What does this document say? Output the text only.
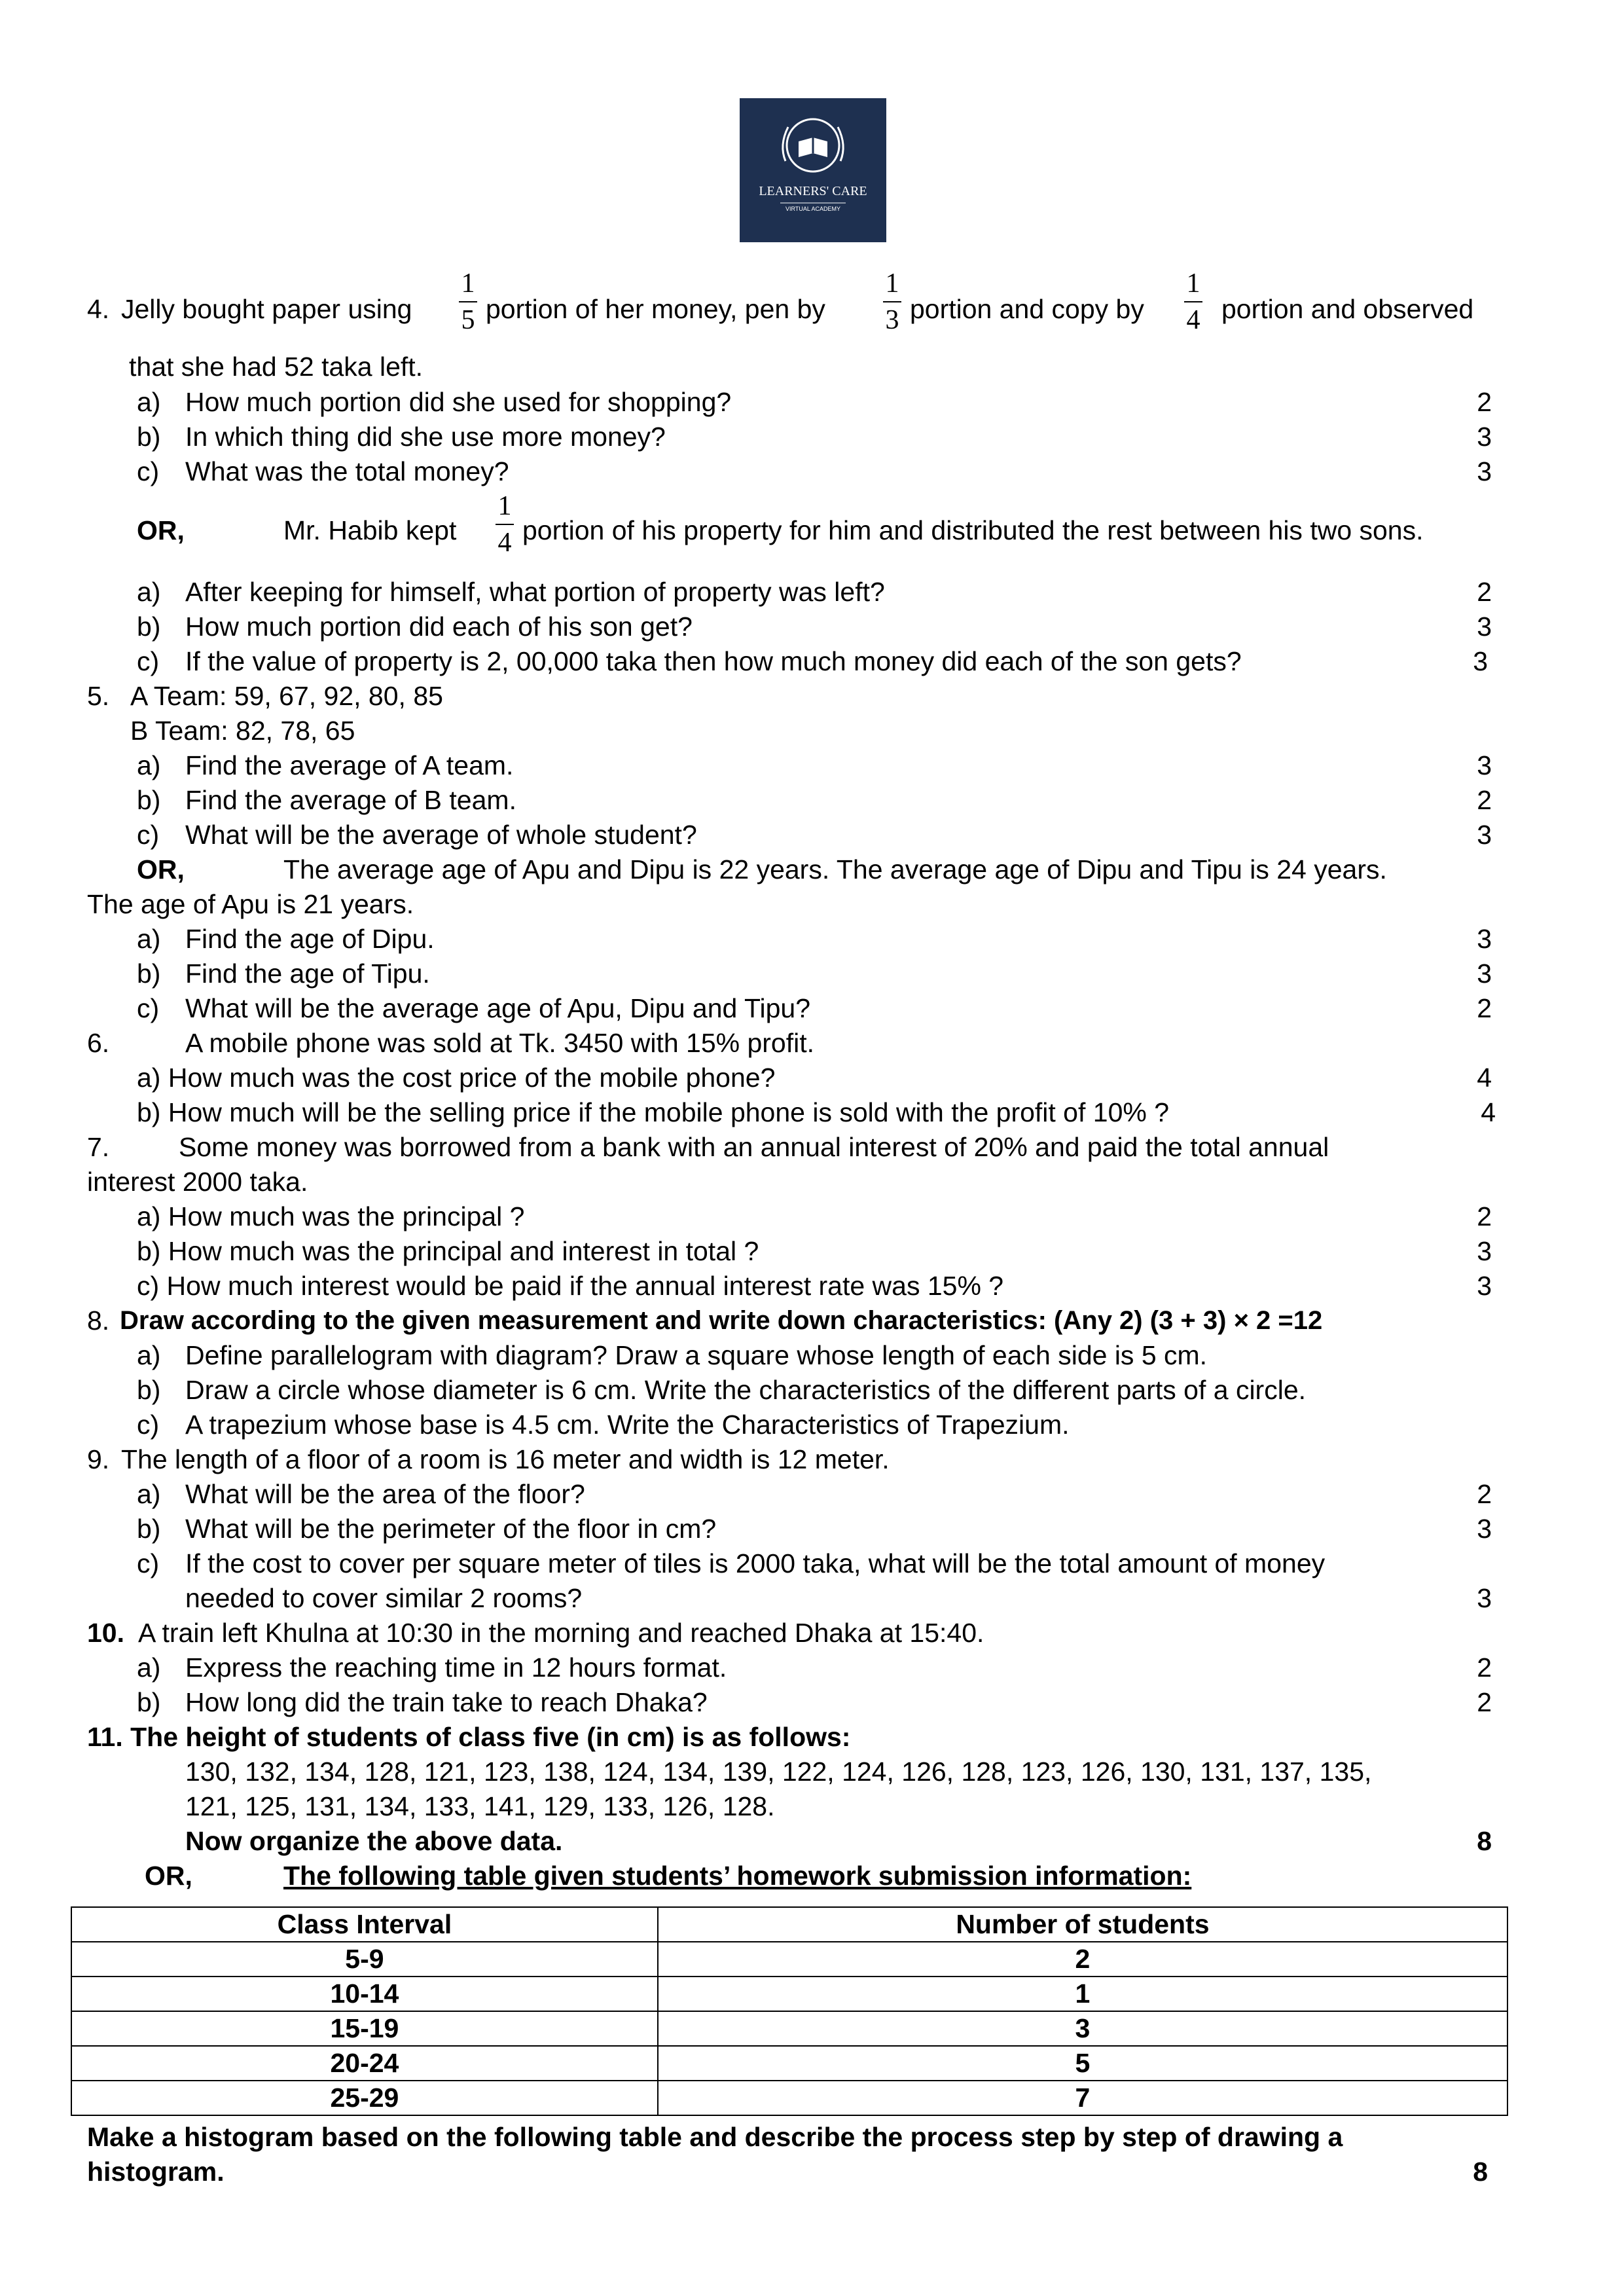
LEARNERS' CARE
VIRTUAL ACADEMY
4. Jelly bought paper using
1
5 portion of her money, pen by
1
3 portion and copy by
1
4 portion and observed
that she had 52 taka left.
a) How much portion did she used for shopping?	2
b) In which thing did she use more money?	3
c) What was the total money?	3
OR,	Mr. Habib kept
1
4 portion of his property for him and distributed the rest between his two sons.
a) After keeping for himself, what portion of property was left?	2
b) How much portion did each of his son get?	3
c) If the value of property is 2, 00,000 taka then how much money did each of the son gets?	3
5. A Team: 59, 67, 92, 80, 85
B Team: 82, 78, 65
a) Find the average of A team.	3
b) Find the average of B team.	2
c) What will be the average of whole student?	3
OR,	The average age of Apu and Dipu is 22 years. The average age of Dipu and Tipu is 24 years.
The age of Apu is 21 years.
a) Find the age of Dipu.	3
b) Find the age of Tipu.	3
c) What will be the average age of Apu, Dipu and Tipu?	2
6.	A mobile phone was sold at Tk. 3450 with 15% profit.
a) How much was the cost price of the mobile phone?	4
b) How much will be the selling price if the mobile phone is sold with the profit of 10% ?	4
7.	Some money was borrowed from a bank with an annual interest of 20% and paid the total annual
interest 2000 taka.
a) How much was the principal ?	2
b) How much was the principal and interest in total ?	3
c) How much interest would be paid if the annual interest rate was 15% ?	3
8. Draw according to the given measurement and write down characteristics: (Any 2) (3 + 3) × 2 =12
a) Define parallelogram with diagram? Draw a square whose length of each side is 5 cm.
b) Draw a circle whose diameter is 6 cm. Write the characteristics of the different parts of a circle.
c) A trapezium whose base is 4.5 cm. Write the Characteristics of Trapezium.
9. The length of a floor of a room is 16 meter and width is 12 meter.
a) What will be the area of the floor?	2
b) What will be the perimeter of the floor in cm?	3
c) If the cost to cover per square meter of tiles is 2000 taka, what will be the total amount of money
needed to cover similar 2 rooms?	3
10. A train left Khulna at 10:30 in the morning and reached Dhaka at 15:40.
a) Express the reaching time in 12 hours format.	2
b) How long did the train take to reach Dhaka?	2
11. The height of students of class five (in cm) is as follows:
130, 132, 134, 128, 121, 123, 138, 124, 134, 139, 122, 124, 126, 128, 123, 126, 130, 131, 137, 135,
121, 125, 131, 134, 133, 141, 129, 133, 126, 128.
Now organize the above data.	8
OR,	The following table given students’ homework submission information:
Class Interval	Number of students
5-9	2
10-14	1
15-19	3
20-24	5
25-29	7
Make a histogram based on the following table and describe the process step by step of drawing a
histogram.	8
